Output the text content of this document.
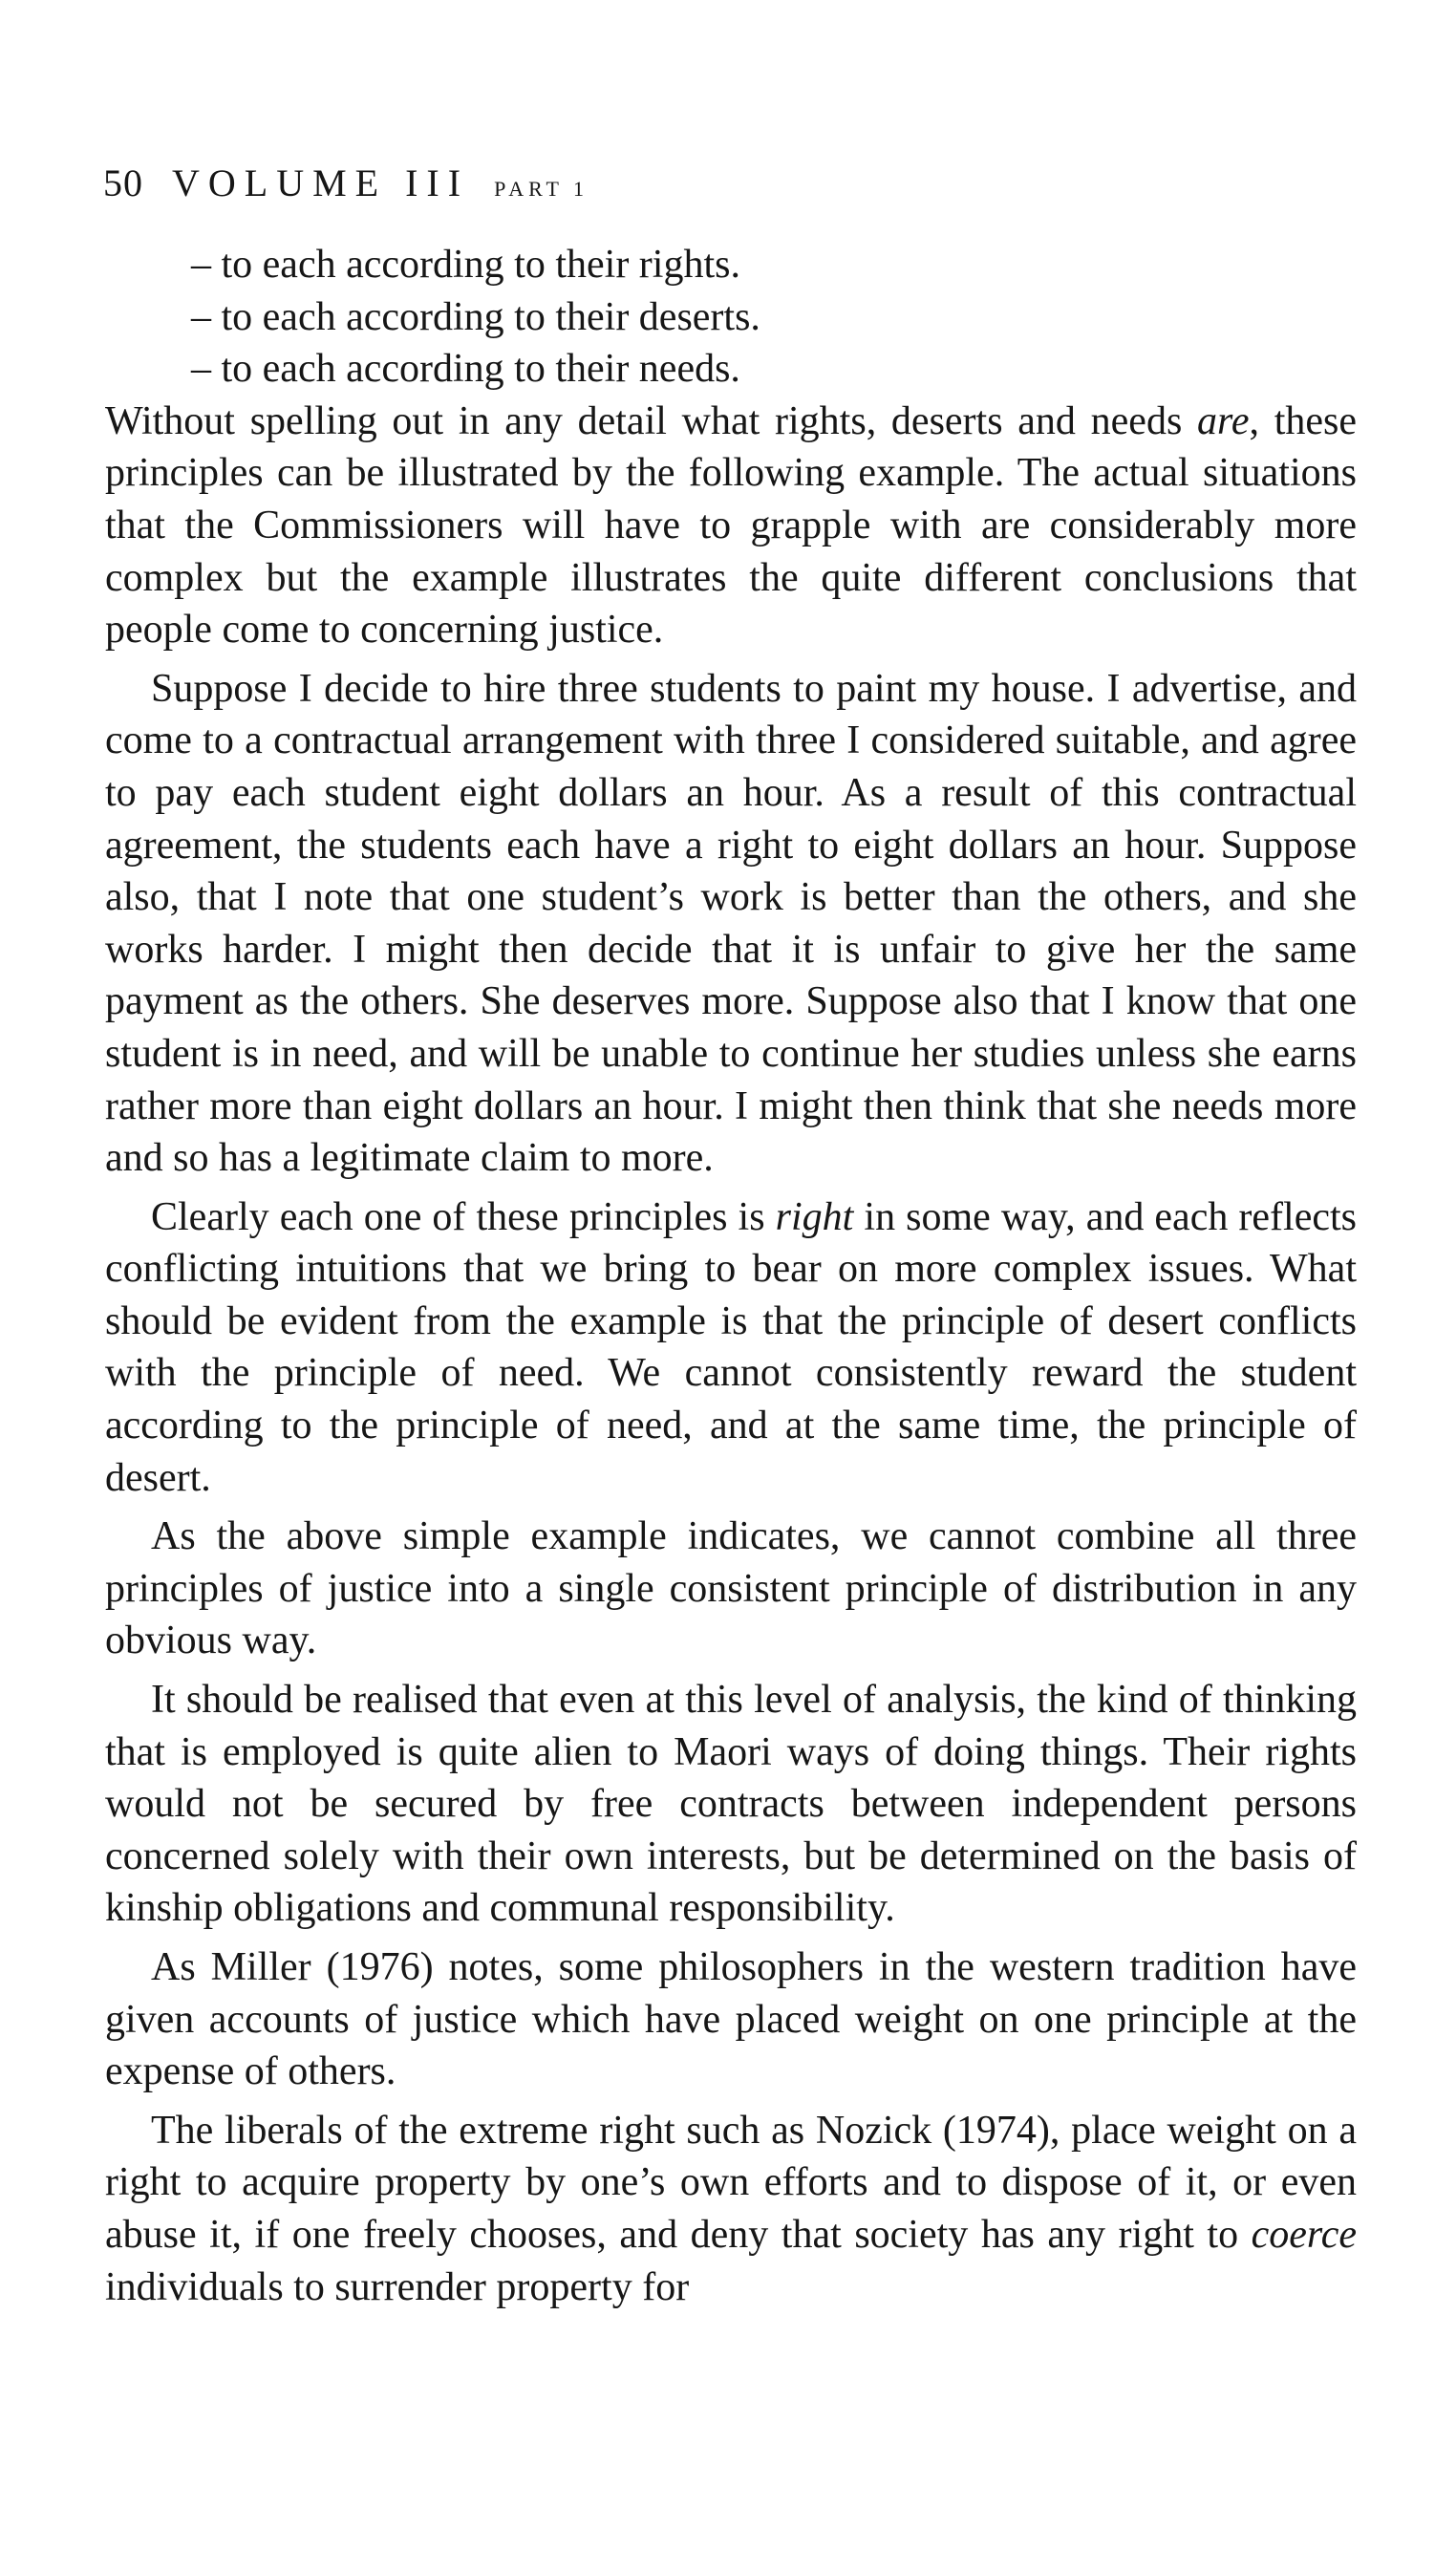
50 VOLUME III PART 1

– to each according to their rights.

– to each according to their deserts.

– to each according to their needs.

Without spelling out in any detail what rights, deserts and needs are, these principles can be illustrated by the following example. The actual situations that the Commissioners will have to grapple with are considerably more complex but the example illustrates the quite different conclusions that people come to concerning justice.

Suppose I decide to hire three students to paint my house. I advertise, and come to a contractual arrangement with three I considered suitable, and agree to pay each student eight dollars an hour. As a result of this contractual agreement, the students each have a right to eight dollars an hour. Suppose also, that I note that one student’s work is better than the others, and she works harder. I might then decide that it is unfair to give her the same payment as the others. She deserves more. Suppose also that I know that one student is in need, and will be unable to continue her studies unless she earns rather more than eight dollars an hour. I might then think that she needs more and so has a legitimate claim to more.

Clearly each one of these principles is right in some way, and each reflects conflicting intuitions that we bring to bear on more complex issues. What should be evident from the example is that the principle of desert conflicts with the principle of need. We cannot consistently reward the student according to the principle of need, and at the same time, the principle of desert.

As the above simple example indicates, we cannot combine all three principles of justice into a single consistent principle of distribution in any obvious way.

It should be realised that even at this level of analysis, the kind of thinking that is employed is quite alien to Maori ways of doing things. Their rights would not be secured by free contracts between independent persons concerned solely with their own interests, but be determined on the basis of kinship obligations and communal responsibility.

As Miller (1976) notes, some philosophers in the western tradition have given accounts of justice which have placed weight on one principle at the expense of others.

The liberals of the extreme right such as Nozick (1974), place weight on a right to acquire property by one’s own efforts and to dispose of it, or even abuse it, if one freely chooses, and deny that society has any right to coerce individuals to surrender property for
